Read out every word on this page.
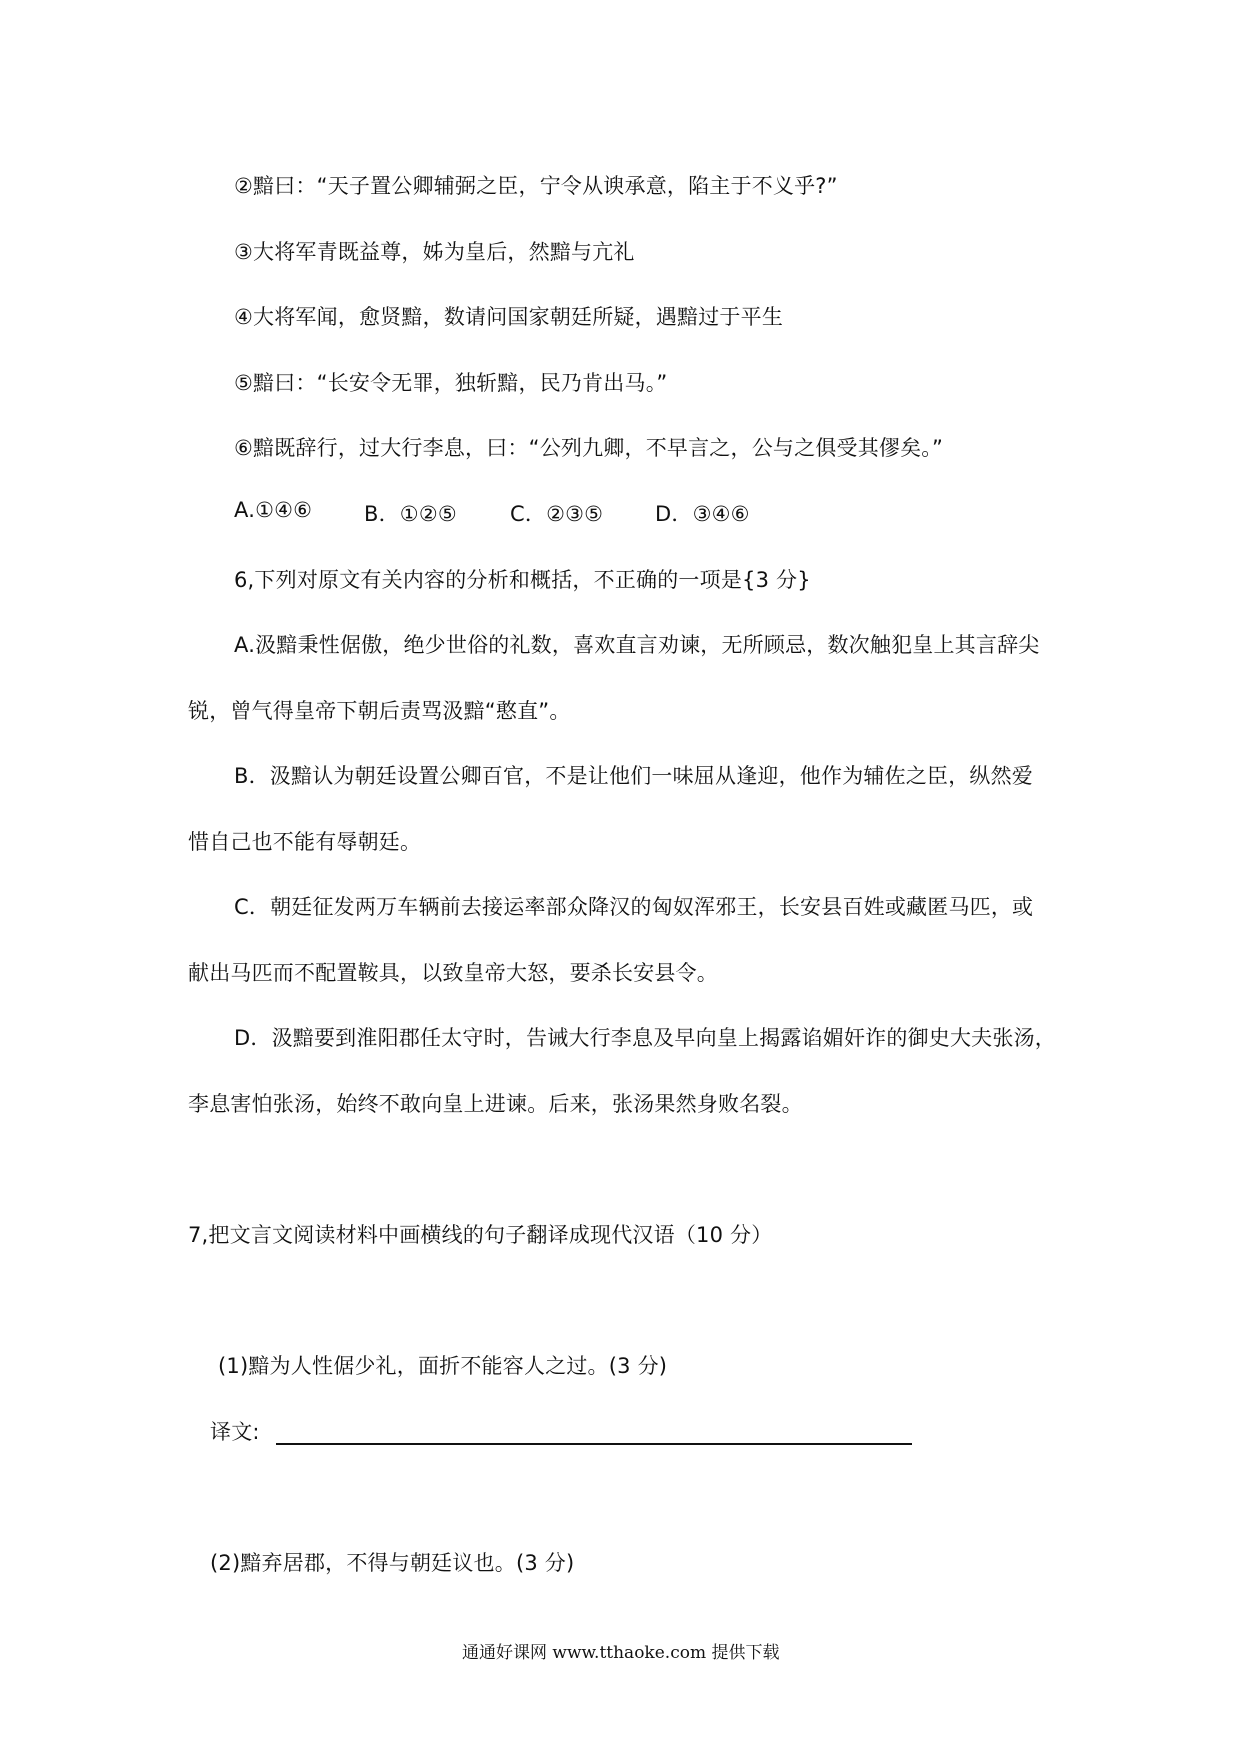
②黯曰：“天子置公卿辅弼之臣，宁令从谀承意，陷主于不义乎?”
③大将军青既益尊，姊为皇后，然黯与亢礼
④大将军闻，愈贤黯，数请问国家朝廷所疑，遇黯过于平生
⑤黯曰：“长安令无罪，独斩黯，民乃肯出马。”
⑥黯既辞行，过大行李息，曰：“公列九卿，不早言之，公与之俱受其僇矣。”
A.①④⑥ B．①②⑤	C．②③⑤ D．③④⑥
6,下列对原文有关内容的分析和概括，不正确的一项是{3 分}
A.汲黯秉性倨傲，绝少世俗的礼数，喜欢直言劝谏，无所顾忌，数次触犯皇上其言辞尖
锐，曾气得皇帝下朝后责骂汲黯“憨直”。
B．汲黯认为朝廷设置公卿百官，不是让他们一味屈从逢迎，他作为辅佐之臣，纵然爱
惜自己也不能有辱朝廷。
C．朝廷征发两万车辆前去接运率部众降汉的匈奴浑邪王，长安县百姓或藏匿马匹，或
献出马匹而不配置鞍具，以致皇帝大怒，要杀长安县令。
D．汲黯要到淮阳郡任太守时，告诫大行李息及早向皇上揭露谄媚奸诈的御史大夫张汤，
李息害怕张汤，始终不敢向皇上进谏。后来，张汤果然身败名裂。
7,把文言文阅读材料中画横线的句子翻译成现代汉语（10 分）
(1)黯为人性倨少礼，面折不能容人之过。(3 分)
译文:
(2)黯弃居郡，不得与朝廷议也。(3 分)
通通好课网 www.tthaoke.com 提供下载
